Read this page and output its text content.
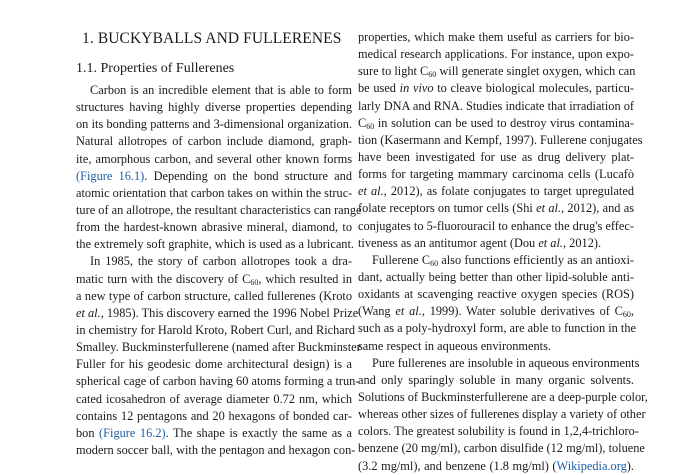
1. BUCKYBALLS AND FULLERENES
1.1. Properties of Fullerenes
Carbon is an incredible element that is able to form
structures having highly diverse properties depending
on its bonding patterns and 3-dimensional organization.
Natural allotropes of carbon include diamond, graph-
ite, amorphous carbon, and several other known forms
(Figure 16.1). Depending on the bond structure and
atomic orientation that carbon takes on within the struc-
ture of an allotrope, the resultant characteristics can range
from the hardest-known abrasive mineral, diamond, to
the extremely soft graphite, which is used as a lubricant.
In 1985, the story of carbon allotropes took a dra-
matic turn with the discovery of $C_{60}$, which resulted in
a new type of carbon structure, called fullerenes (Kroto
et al., 1985). This discovery earned the 1996 Nobel Prize
in chemistry for Harold Kroto, Robert Curl, and Richard
Smalley. Buckminsterfullerene (named after Buckminster
Fuller for his geodesic dome architectural design) is a
spherical cage of carbon having 60 atoms forming a trun-
cated icosahedron of average diameter 0.72 nm, which
contains 12 pentagons and 20 hexagons of bonded car-
bon (Figure 16.2). The shape is exactly the same as a
modern soccer ball, with the pentagon and hexagon con-
properties, which make them useful as carriers for bio-
medical research applications. For instance, upon expo-
sure to light $C_{60}$ will generate singlet oxygen, which can
be used in vivo to cleave biological molecules, particu-
larly DNA and RNA. Studies indicate that irradiation of
$C_{60}$ in solution can be used to destroy virus contamina-
tion (Kasermann and Kempf, 1997). Fullerene conjugates
have been investigated for use as drug delivery plat-
forms for targeting mammary carcinoma cells (Lucafò
et al., 2012), as folate conjugates to target upregulated
folate receptors on tumor cells (Shi et al., 2012), and as
conjugates to 5-fluorouracil to enhance the drug's effec-
tiveness as an antitumor agent (Dou et al., 2012).
Fullerene $C_{60}$ also functions efficiently as an antioxi-
dant, actually being better than other lipid-soluble anti-
oxidants at scavenging reactive oxygen species (ROS)
(Wang et al., 1999). Water soluble derivatives of $C_{60}$,
such as a poly-hydroxyl form, are able to function in the
same respect in aqueous environments.
Pure fullerenes are insoluble in aqueous environments
and only sparingly soluble in many organic solvents.
Solutions of Buckminsterfullerene are a deep-purple color,
whereas other sizes of fullerenes display a variety of other
colors. The greatest solubility is found in 1,2,4-trichloro-
benzene (20 mg/ml), carbon disulfide (12 mg/ml), toluene
(3.2 mg/ml), and benzene (1.8 mg/ml) (Wikipedia.org).
